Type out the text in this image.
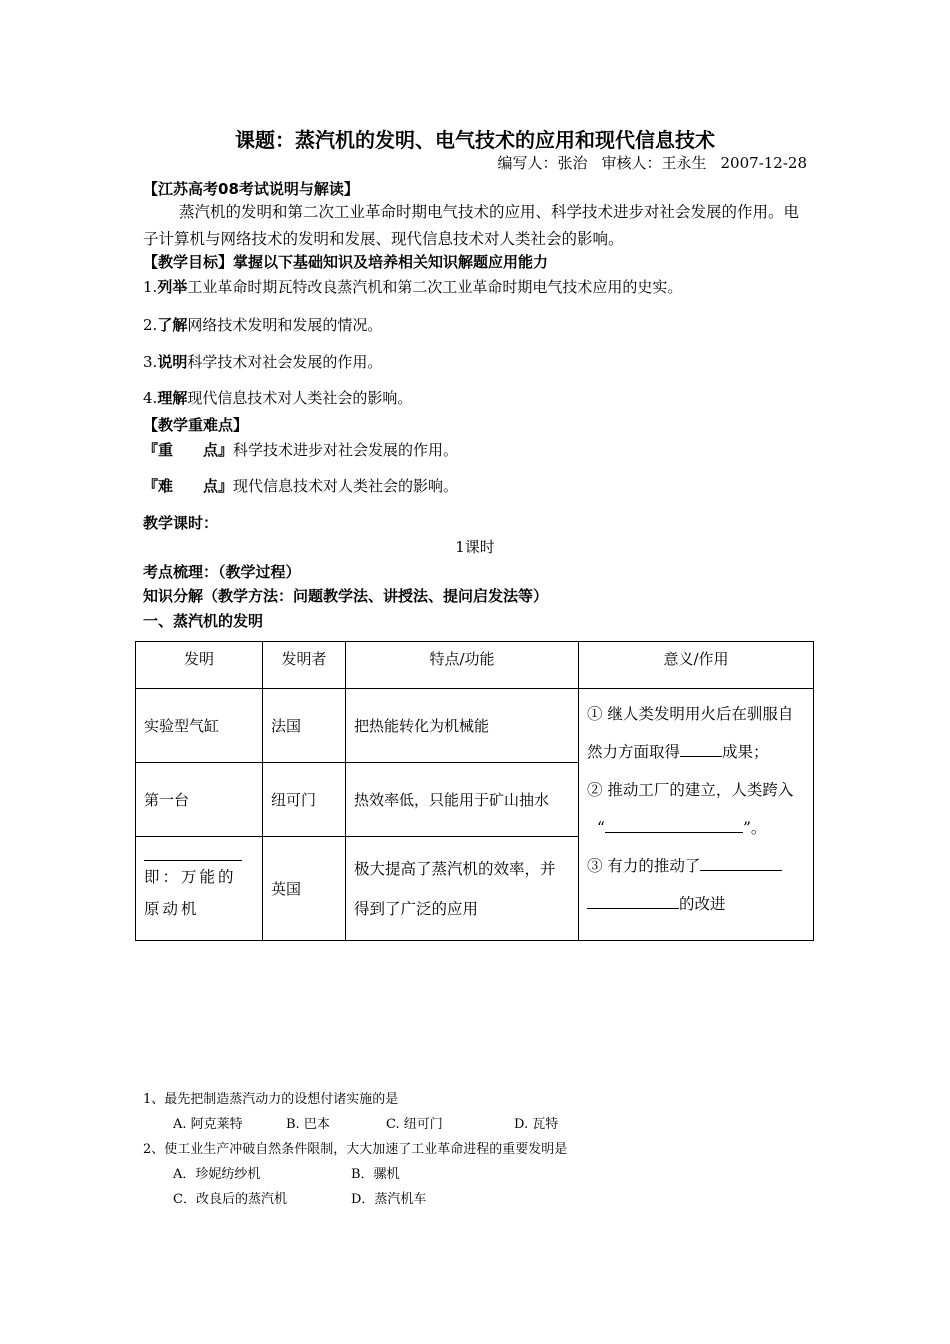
课题：蒸汽机的发明、电气技术的应用和现代信息技术
编写人：张治 审核人：王永生 2007-12-28
【江苏高考08考试说明与解读】
蒸汽机的发明和第二次工业革命时期电气技术的应用、科学技术进步对社会发展的作用。电子计算机与网络技术的发明和发展、现代信息技术对人类社会的影响。
【教学目标】掌握以下基础知识及培养相关知识解题应用能力
1.列举工业革命时期瓦特改良蒸汽机和第二次工业革命时期电气技术应用的史实。
2.了解网络技术发明和发展的情况。
3.说明科学技术对社会发展的作用。
4.理解现代信息技术对人类社会的影响。
【教学重难点】
『重　　点』科学技术进步对社会发展的作用。
『难　　点』现代信息技术对人类社会的影响。
教学课时：
1课时
考点梳理：（教学过程）
知识分解（教学方法：问题教学法、讲授法、提问启发法等）
一、蒸汽机的发明
发明	发明者	特点/功能	意义/作用
实验型气缸	法国	把热能转化为机械能	① 继人类发明用火后在驯服自然力方面取得 成果；
② 推动工厂的建立，人类跨入
“ ”。
③ 有力的推动了
的改进

第一台	纽可门	热效率低，只能用于矿山抽水	

即：万能的原动机	英国	极大提高了蒸汽机的效率，并得到了广泛的应用	
1、最先把制造蒸汽动力的设想付诸实施的是
A. 阿克莱特	B. 巴本	C. 纽可门	D. 瓦特
2、使工业生产冲破自然条件限制，大大加速了工业革命进程的重要发明是
A．珍妮纺纱机	B．骡机
C．改良后的蒸汽机	D．蒸汽机车
